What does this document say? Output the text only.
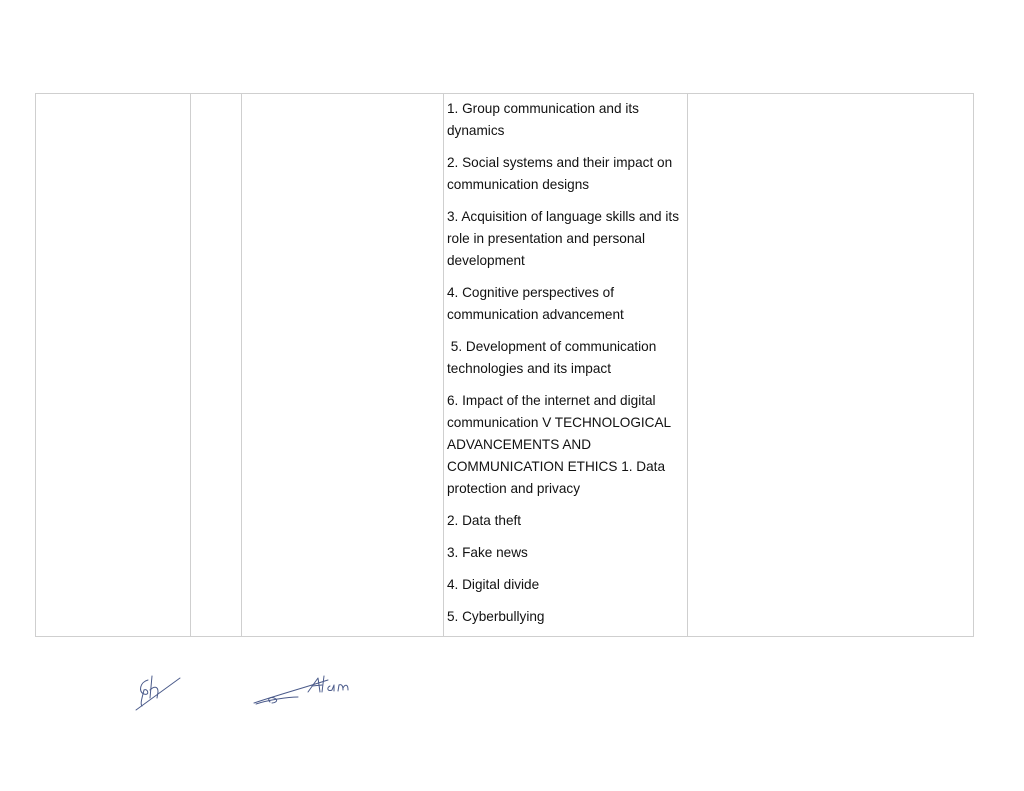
1. Group communication and its dynamics

2. Social systems and their impact on communication designs

3. Acquisition of language skills and its role in presentation and personal development

4. Cognitive perspectives of communication advancement

5. Development of communication technologies and its impact

6. Impact of the internet and digital communication V TECHNOLOGICAL ADVANCEMENTS AND COMMUNICATION ETHICS 1. Data protection and privacy

2. Data theft

3. Fake news

4. Digital divide

5. Cyberbullying
